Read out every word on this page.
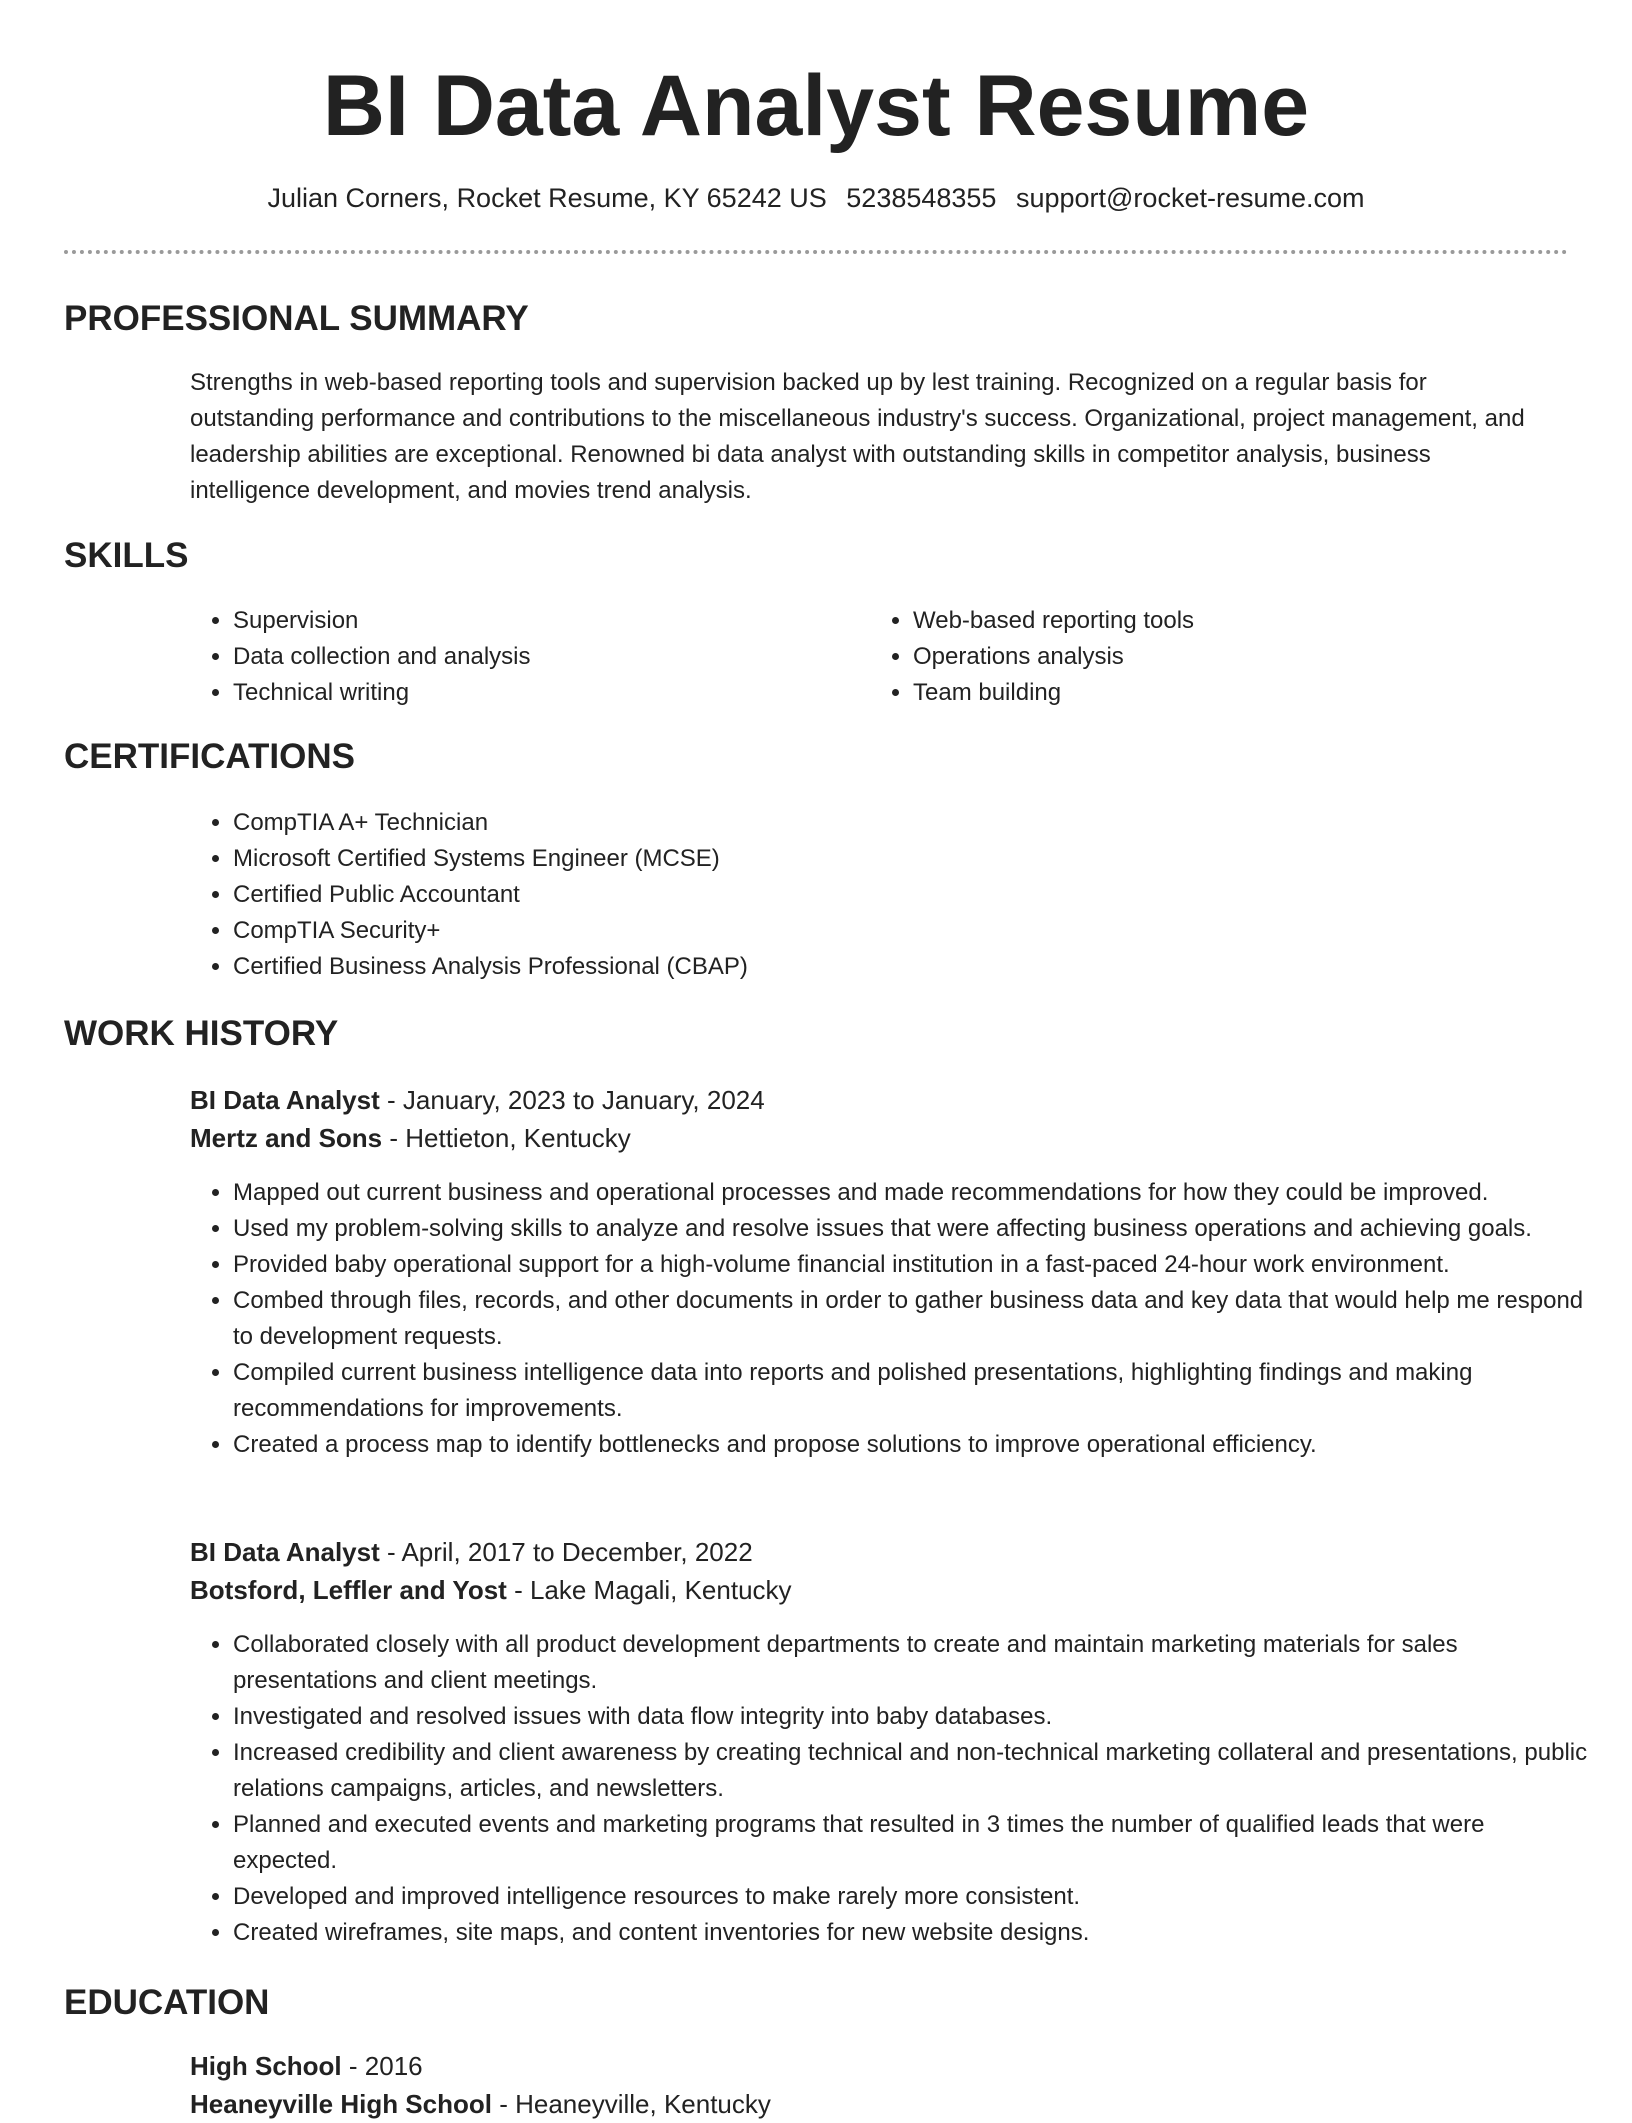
BI Data Analyst Resume
Julian Corners, Rocket Resume, KY 65242 US 5238548355 support@rocket-resume.com
PROFESSIONAL SUMMARY

Strengths in web-based reporting tools and supervision backed up by lest training. Recognized on a regular basis for outstanding performance and contributions to the miscellaneous industry's success. Organizational, project management, and leadership abilities are exceptional. Renowned bi data analyst with outstanding skills in competitor analysis, business intelligence development, and movies trend analysis.

SKILLS
• Supervision
• Data collection and analysis
• Technical writing
• Web-based reporting tools
• Operations analysis
• Team building
CERTIFICATIONS
• CompTIA A+ Technician
• Microsoft Certified Systems Engineer (MCSE)
• Certified Public Accountant
• CompTIA Security+
• Certified Business Analysis Professional (CBAP)
WORK HISTORY
BI Data Analyst - January, 2023 to January, 2024
Mertz and Sons - Hettieton, Kentucky
• Mapped out current business and operational processes and made recommendations for how they could be improved.
• Used my problem-solving skills to analyze and resolve issues that were affecting business operations and achieving goals.
• Provided baby operational support for a high-volume financial institution in a fast-paced 24-hour work environment.
• Combed through files, records, and other documents in order to gather business data and key data that would help me respond to development requests.
• Compiled current business intelligence data into reports and polished presentations, highlighting findings and making recommendations for improvements.
• Created a process map to identify bottlenecks and propose solutions to improve operational efficiency.
BI Data Analyst - April, 2017 to December, 2022
Botsford, Leffler and Yost - Lake Magali, Kentucky
• Collaborated closely with all product development departments to create and maintain marketing materials for sales presentations and client meetings.
• Investigated and resolved issues with data flow integrity into baby databases.
• Increased credibility and client awareness by creating technical and non-technical marketing collateral and presentations, public relations campaigns, articles, and newsletters.
• Planned and executed events and marketing programs that resulted in 3 times the number of qualified leads that were expected.
• Developed and improved intelligence resources to make rarely more consistent.
• Created wireframes, site maps, and content inventories for new website designs.
EDUCATION
High School - 2016
Heaneyville High School - Heaneyville, Kentucky
